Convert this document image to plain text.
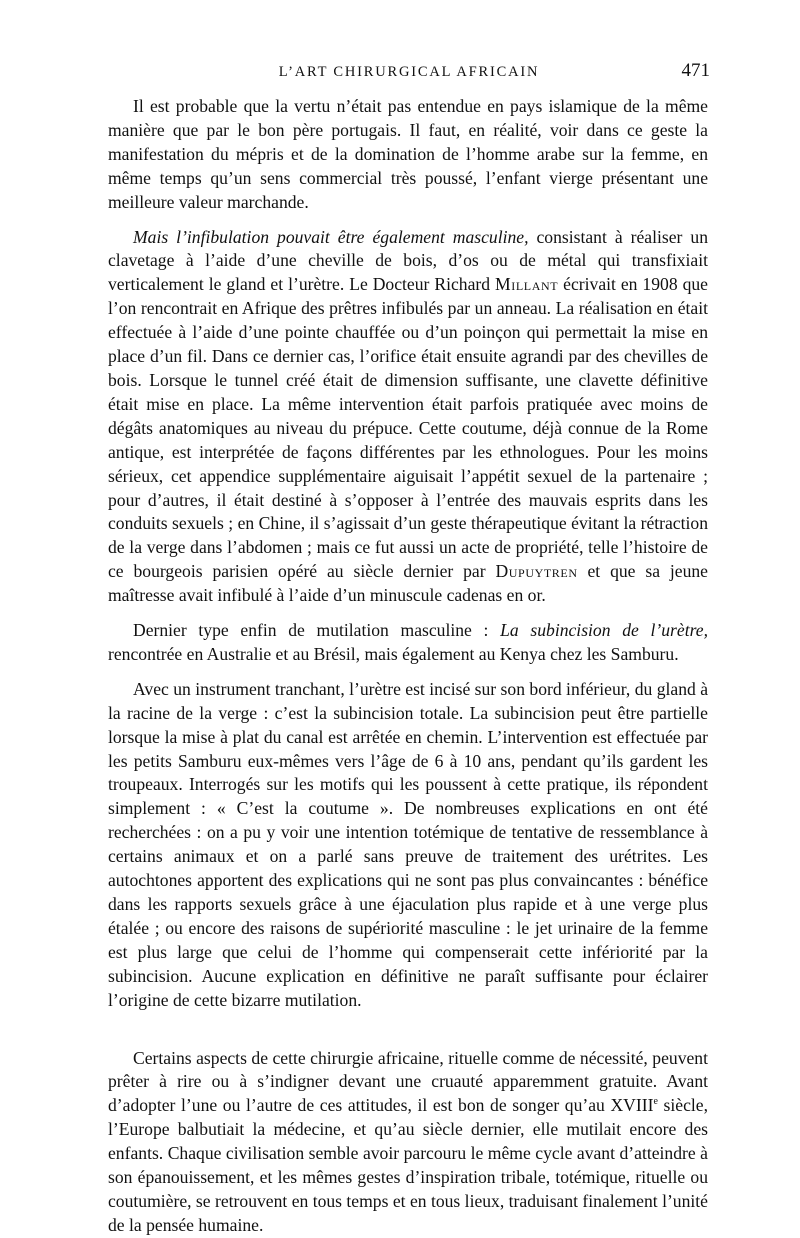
L’ART CHIRURGICAL AFRICAIN	471

Il est probable que la vertu n’était pas entendue en pays islamique de la même manière que par le bon père portugais. Il faut, en réalité, voir dans ce geste la manifestation du mépris et de la domination de l’homme arabe sur la femme, en même temps qu’un sens commercial très poussé, l’enfant vierge présentant une meilleure valeur marchande.

Mais l’infibulation pouvait être également masculine, consistant à réaliser un clavetage à l’aide d’une cheville de bois, d’os ou de métal qui transfixiait verticalement le gland et l’urètre. Le Docteur Richard Millant écrivait en 1908 que l’on rencontrait en Afrique des prêtres infibulés par un anneau. La réalisation en était effectuée à l’aide d’une pointe chauffée ou d’un poinçon qui permettait la mise en place d’un fil. Dans ce dernier cas, l’orifice était ensuite agrandi par des chevilles de bois. Lorsque le tunnel créé était de dimension suffisante, une clavette définitive était mise en place. La même intervention était parfois pratiquée avec moins de dégâts anatomiques au niveau du prépuce. Cette coutume, déjà connue de la Rome antique, est interprétée de façons différentes par les ethnologues. Pour les moins sérieux, cet appendice supplémentaire aiguisait l’appétit sexuel de la partenaire ; pour d’autres, il était destiné à s’opposer à l’entrée des mauvais esprits dans les conduits sexuels ; en Chine, il s’agissait d’un geste thérapeutique évitant la rétraction de la verge dans l’abdomen ; mais ce fut aussi un acte de propriété, telle l’histoire de ce bourgeois parisien opéré au siècle dernier par Dupuytren et que sa jeune maîtresse avait infibulé à l’aide d’un minuscule cadenas en or.

Dernier type enfin de mutilation masculine : La subincision de l’urètre, rencontrée en Australie et au Brésil, mais également au Kenya chez les Samburu.

Avec un instrument tranchant, l’urètre est incisé sur son bord inférieur, du gland à la racine de la verge : c’est la subincision totale. La subincision peut être partielle lorsque la mise à plat du canal est arrêtée en chemin. L’intervention est effectuée par les petits Samburu eux-mêmes vers l’âge de 6 à 10 ans, pendant qu’ils gardent les troupeaux. Interrogés sur les motifs qui les poussent à cette pratique, ils répondent simplement : « C’est la coutume ». De nombreuses explications en ont été recherchées : on a pu y voir une intention totémique de tentative de ressemblance à certains animaux et on a parlé sans preuve de traitement des urétrites. Les autochtones apportent des explications qui ne sont pas plus convaincantes : bénéfice dans les rapports sexuels grâce à une éjaculation plus rapide et à une verge plus étalée ; ou encore des raisons de supériorité masculine : le jet urinaire de la femme est plus large que celui de l’homme qui compenserait cette infériorité par la subincision. Aucune explication en définitive ne paraît suffisante pour éclairer l’origine de cette bizarre mutilation.

Certains aspects de cette chirurgie africaine, rituelle comme de nécessité, peuvent prêter à rire ou à s’indigner devant une cruauté apparemment gratuite. Avant d’adopter l’une ou l’autre de ces attitudes, il est bon de songer qu’au XVIIIe siècle, l’Europe balbutiait la médecine, et qu’au siècle dernier, elle mutilait encore des enfants. Chaque civilisation semble avoir parcouru le même cycle avant d’atteindre à son épanouissement, et les mêmes gestes d’inspiration tribale, totémique, rituelle ou coutumière, se retrouvent en tous temps et en tous lieux, traduisant finalement l’unité de la pensée humaine.
